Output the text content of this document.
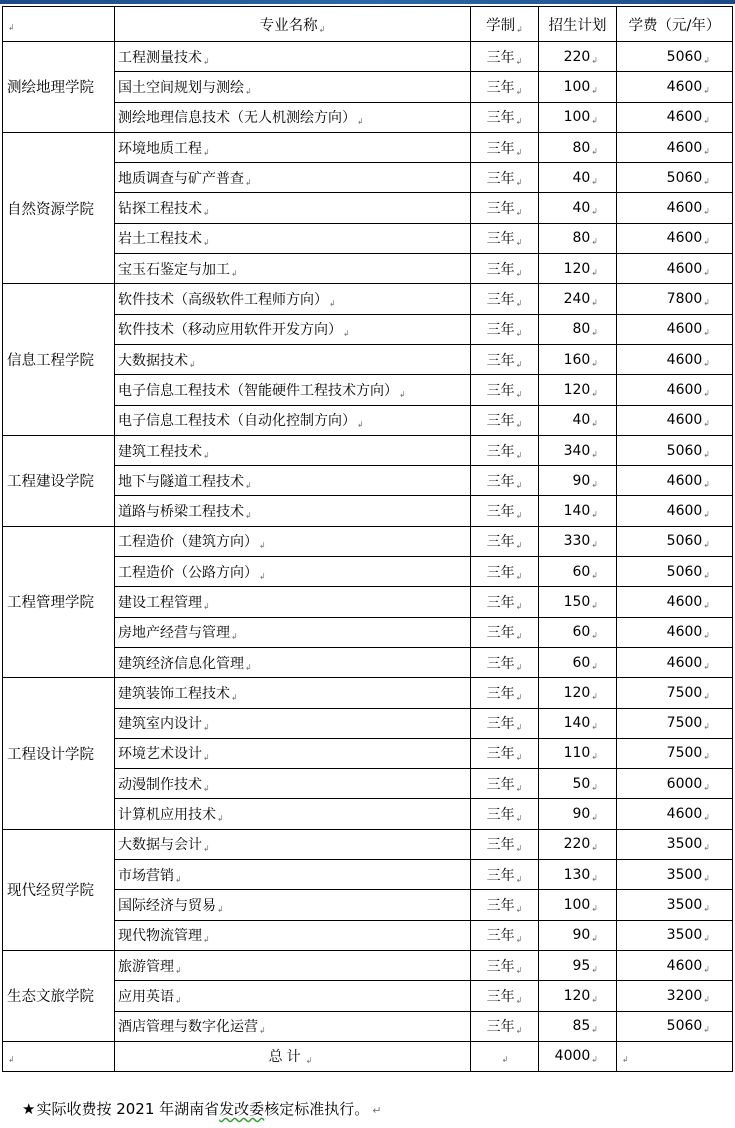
↲	专业名称↲	学制↲	招生计划	学费（元/年）
测绘地理学院	工程测量技术↲	三年↲	220↲	5060↲
	国土空间规划与测绘↲	三年↲	100↲	4600↲
	测绘地理信息技术（无人机测绘方向）↲	三年↲	100↲	4600↲
自然资源学院	环境地质工程↲	三年↲	80↲	4600↲
	地质调查与矿产普查↲	三年↲	40↲	5060↲
	钻探工程技术↲	三年↲	40↲	4600↲
	岩土工程技术↲	三年↲	80↲	4600↲
	宝玉石鉴定与加工↲	三年↲	120↲	4600↲
信息工程学院	软件技术（高级软件工程师方向）↲	三年↲	240↲	7800↲
	软件技术（移动应用软件开发方向）↲	三年↲	80↲	4600↲
	大数据技术↲	三年↲	160↲	4600↲
	电子信息工程技术（智能硬件工程技术方向）↲	三年↲	120↲	4600↲
	电子信息工程技术（自动化控制方向）↲	三年↲	40↲	4600↲
工程建设学院	建筑工程技术↲	三年↲	340↲	5060↲
	地下与隧道工程技术↲	三年↲	90↲	4600↲
	道路与桥梁工程技术↲	三年↲	140↲	4600↲
工程管理学院	工程造价（建筑方向）↲	三年↲	330↲	5060↲
	工程造价（公路方向）↲	三年↲	60↲	5060↲
	建设工程管理↲	三年↲	150↲	4600↲
	房地产经营与管理↲	三年↲	60↲	4600↲
	建筑经济信息化管理↲	三年↲	60↲	4600↲
工程设计学院	建筑装饰工程技术↲	三年↲	120↲	7500↲
	建筑室内设计↲	三年↲	140↲	7500↲
	环境艺术设计↲	三年↲	110↲	7500↲
	动漫制作技术↲	三年↲	50↲	6000↲
	计算机应用技术↲	三年↲	90↲	4600↲
现代经贸学院	大数据与会计↲	三年↲	220↲	3500↲
	市场营销↲	三年↲	130↲	3500↲
	国际经济与贸易↲	三年↲	100↲	3500↲
	现代物流管理↲	三年↲	90↲	3500↲
生态文旅学院	旅游管理↲	三年↲	95↲	4600↲
	应用英语↲	三年↲	120↲	3200↲
	酒店管理与数字化运营↲	三年↲	85↲	5060↲
↲	总计↲	↲	4000↲	↲
★实际收费按 2021 年湖南省发改委核定标准执行。 ↵
